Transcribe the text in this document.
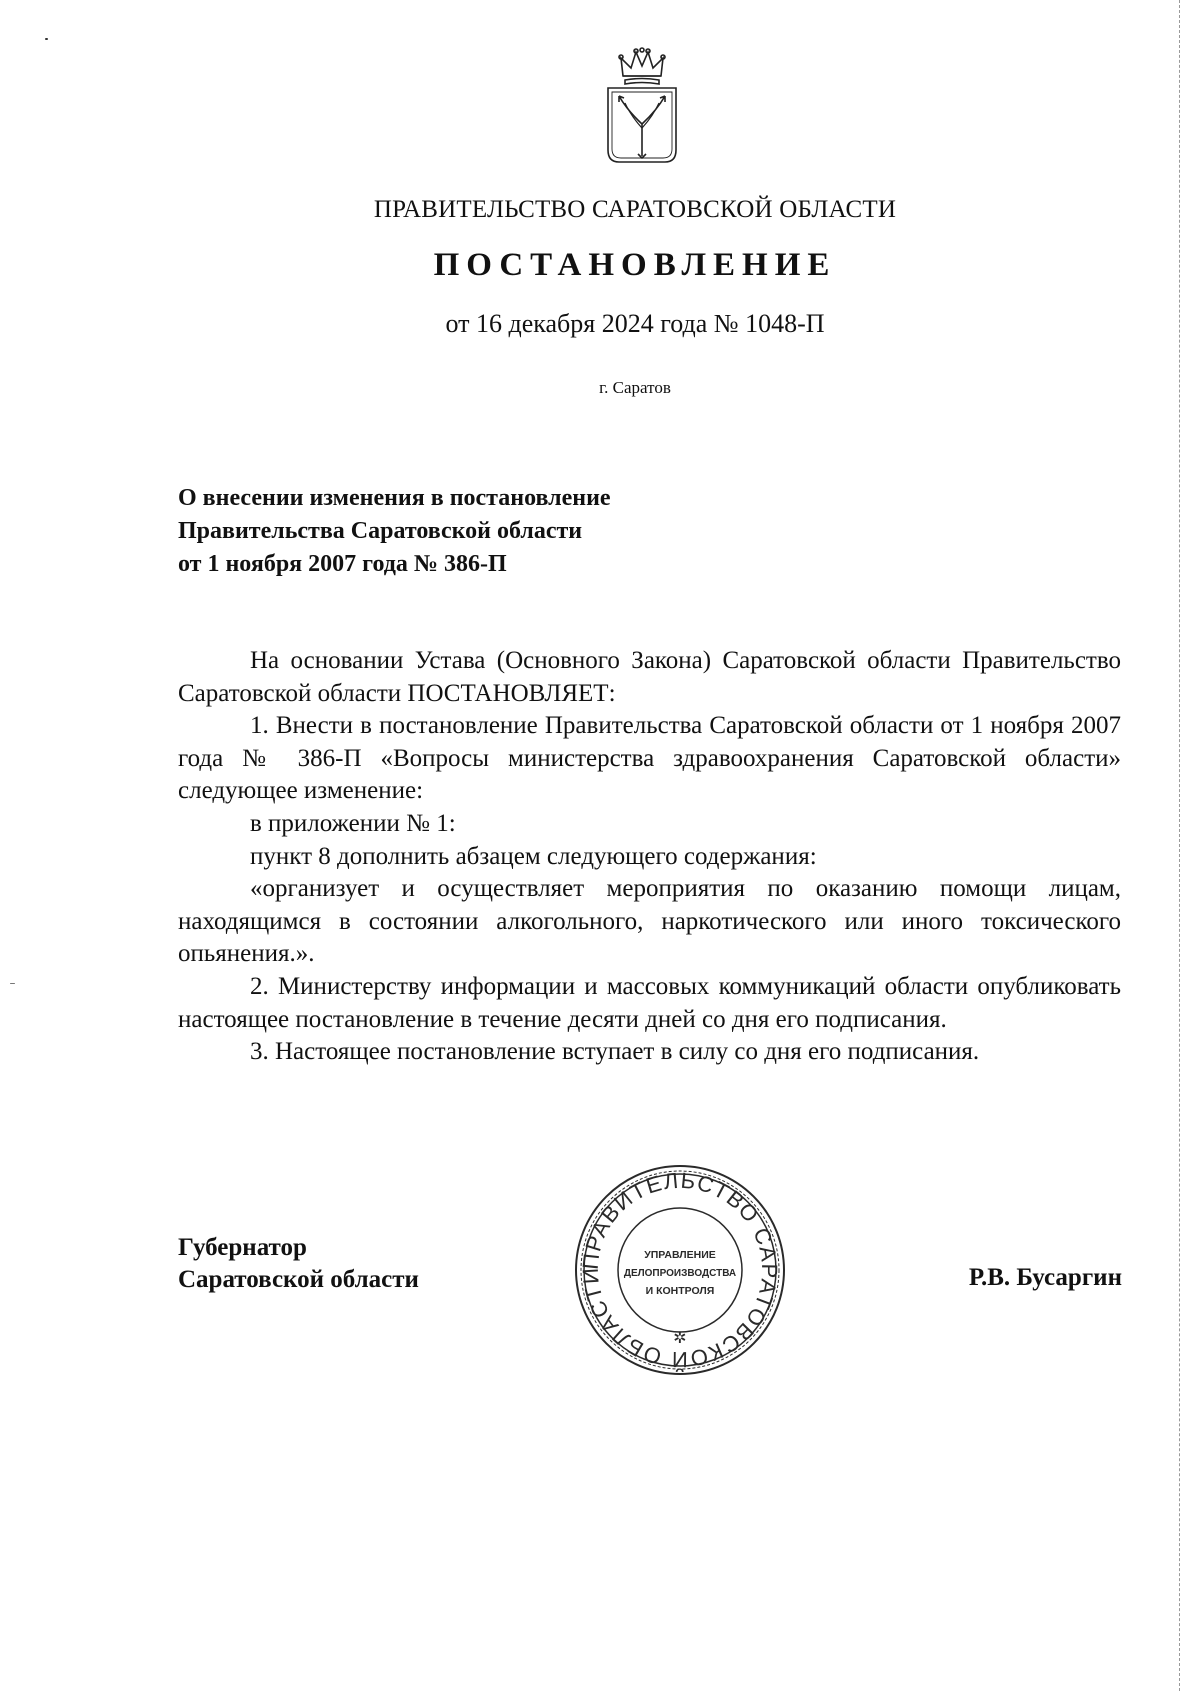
ПРАВИТЕЛЬСТВО САРАТОВСКОЙ ОБЛАСТИ
ПОСТАНОВЛЕНИЕ
от 16 декабря 2024 года № 1048-П
г. Саратов
О внесении изменения в постановление
Правительства Саратовской области
от 1 ноября 2007 года № 386-П

На основании Устава (Основного Закона) Саратовской области Правительство Саратовской области ПОСТАНОВЛЯЕТ:

1. Внести в постановление Правительства Саратовской области от 1 ноября 2007 года № 386-П «Вопросы министерства здравоохранения Саратовской области» следующее изменение:

в приложении № 1:

пункт 8 дополнить абзацем следующего содержания:

«организует и осуществляет мероприятия по оказанию помощи лицам, находящимся в состоянии алкогольного, наркотического или иного токсического опьянения.».

2. Министерству информации и массовых коммуникаций области опубликовать настоящее постановление в течение десяти дней со дня его подписания.

3. Настоящее постановление вступает в силу со дня его подписания.

Губернатор
Саратовской области	Р.В. Бусаргин
ПРАВИТЕЛЬСТВО САРАТОВСКОЙ ОБЛАСТИ
✲
УПРАВЛЕНИЕ
ДЕЛОПРОИЗВОДСТВА
И КОНТРОЛЯ
